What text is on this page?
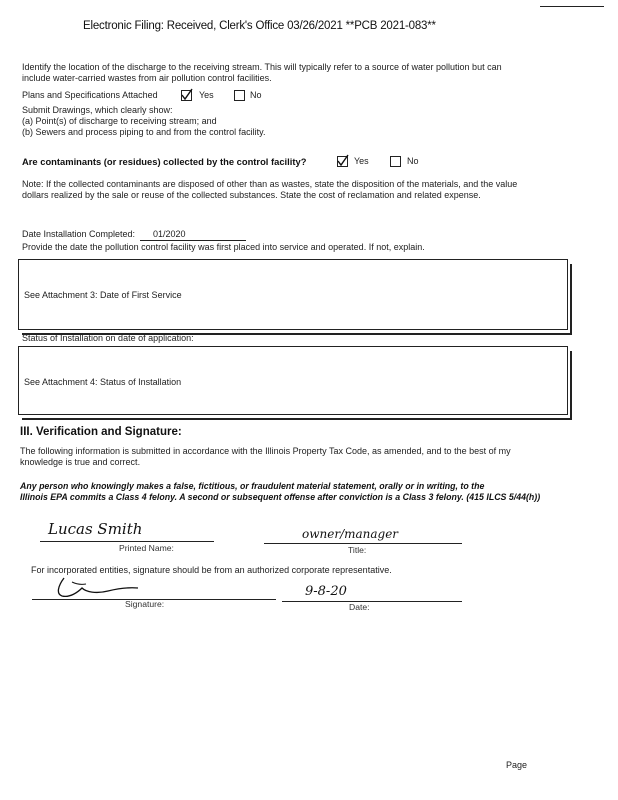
Electronic Filing: Received, Clerk's Office 03/26/2021 **PCB 2021-083**
Identify the location of the discharge to the receiving stream. This will typically refer to a source of water pollution but can
include water-carried wastes from air pollution control facilities.
Plans and Specifications Attached	Yes	No
Submit Drawings, which clearly show:
(a) Point(s) of discharge to receiving stream; and
(b) Sewers and process piping to and from the control facility.
Are contaminants (or residues) collected by the control facility?	Yes	No
Note: If the collected contaminants are disposed of other than as wastes, state the disposition of the materials, and the value
dollars realized by the sale or reuse of the collected substances. State the cost of reclamation and related expense.
Date Installation Completed: 01/2020
Provide the date the pollution control facility was first placed into service and operated. If not, explain.
See Attachment 3: Date of First Service
Status of Installation on date of application:
See Attachment 4: Status of Installation
III. Verification and Signature:
The following information is submitted in accordance with the Illinois Property Tax Code, as amended, and to the best of my
knowledge is true and correct.
Any person who knowingly makes a false, fictitious, or fraudulent material statement, orally or in writing, to the
Illinois EPA commits a Class 4 felony. A second or subsequent offense after conviction is a Class 3 felony. (415 ILCS 5/44(h))
Lucas Smith
Printed Name:
owner/manager
Title:
For incorporated entities, signature should be from an authorized corporate representative.
Signature:
9-8-20
Date:
Page
